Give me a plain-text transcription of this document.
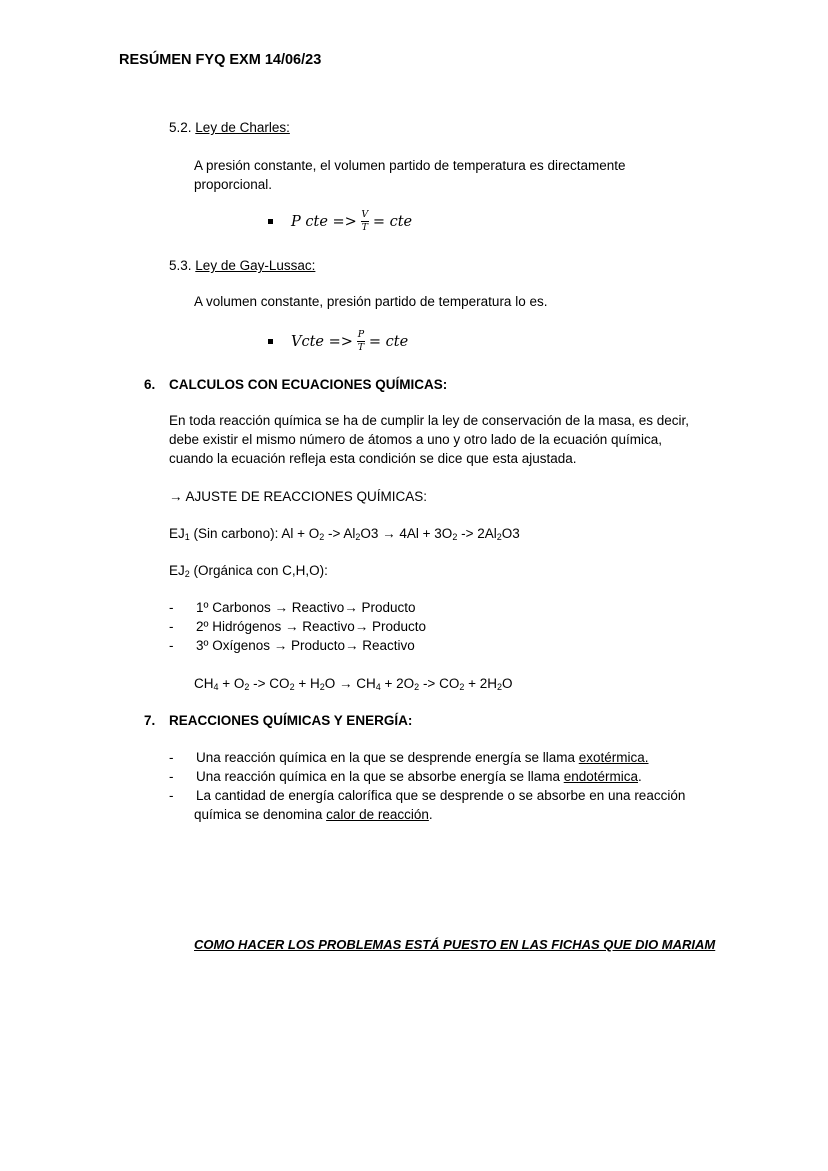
RESÚMEN FYQ EXM 14/06/23
5.2. Ley de Charles:
A presión constante, el volumen partido de temperatura es directamente proporcional.
P cte => $\frac{V}{T}$ = cte
5.3. Ley de Gay-Lussac:
A volumen constante, presión partido de temperatura lo es.
Vcte => $\frac{P}{T}$ = cte
6. CALCULOS CON ECUACIONES QUÍMICAS:
En toda reacción química se ha de cumplir la ley de conservación de la masa, es decir,
debe existir el mismo número de átomos a uno y otro lado de la ecuación química,
cuando la ecuación refleja esta condición se dice que esta ajustada.
→ AJUSTE DE REACCIONES QUÍMICAS:
$EJ_1$ (Sin carbono): $Al + O_2 -> Al_2O3 \to 4Al + 3O_2 -> 2Al_2O3$
$EJ_2$ (Orgánica con C,H,O):
- 1º Carbonos → Reactivo→ Producto
- 2º Hidrógenos → Reactivo→ Producto
- 3º Oxígenos → Producto→ Reactivo
$CH_4 + O_2 -> CO_2 + H_2O \to CH_4 + 2O_2 -> CO_2 + 2H_2O$
7. REACCIONES QUÍMICAS Y ENERGÍA:
- Una reacción química en la que se desprende energía se llama exotérmica.
- Una reacción química en la que se absorbe energía se llama endotérmica.
- La cantidad de energía calorífica que se desprende o se absorbe en una reacción
química se denomina calor de reacción.
COMO HACER LOS PROBLEMAS ESTÁ PUESTO EN LAS FICHAS QUE DIO MARIAM
